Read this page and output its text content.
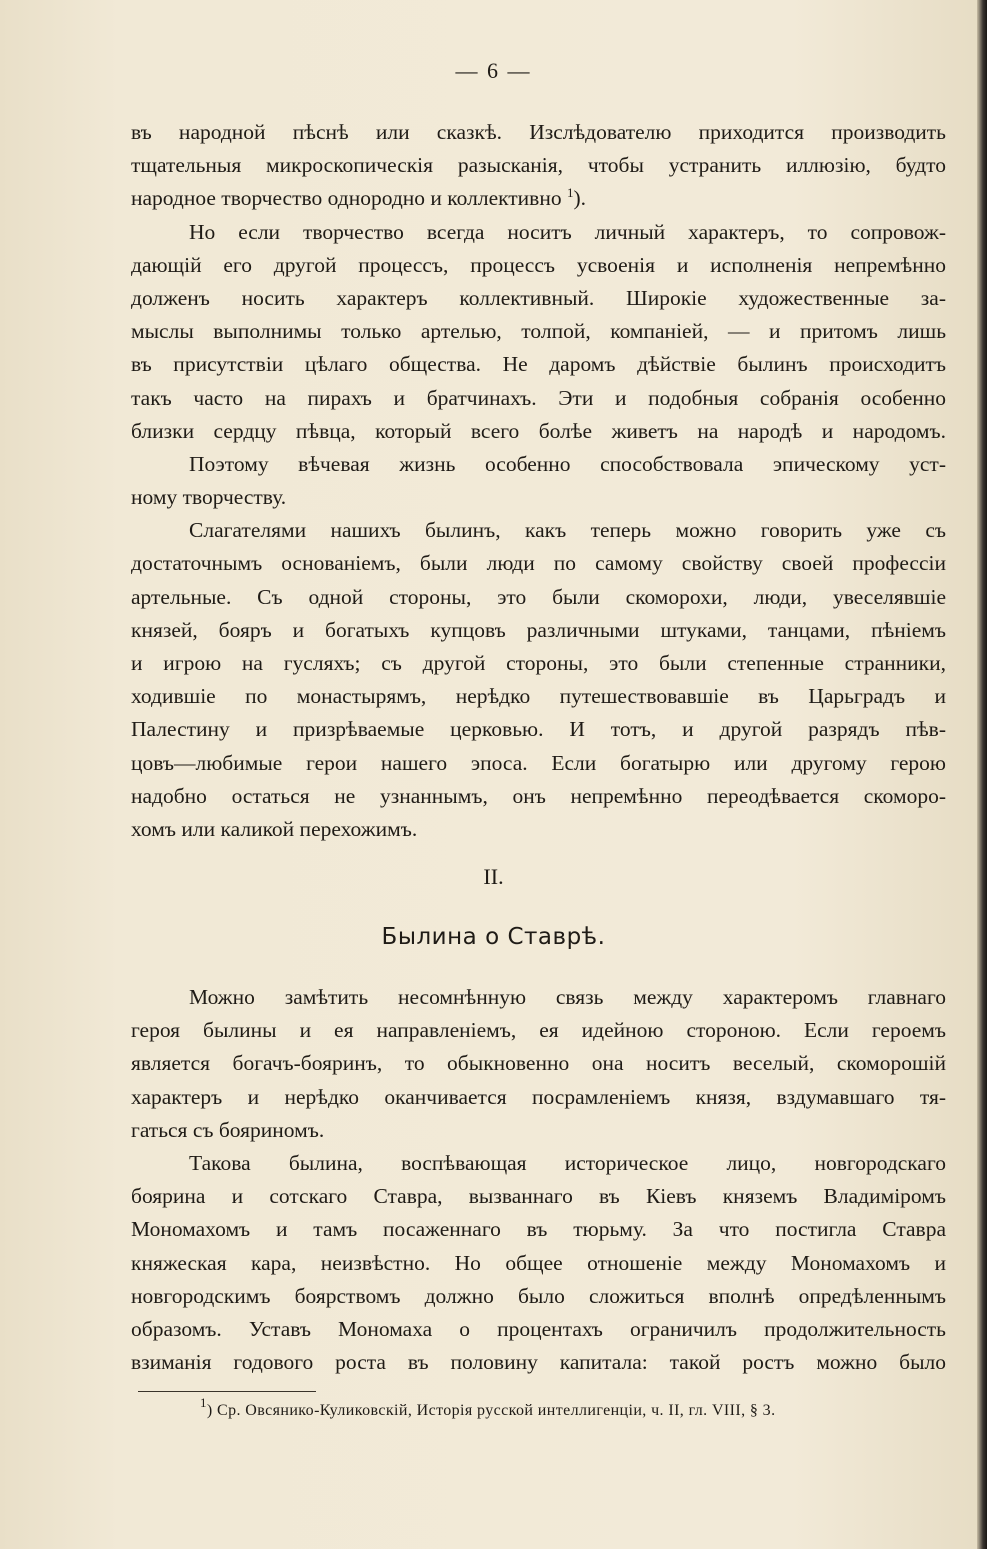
— 6 —
въ народной пѣснѣ или сказкѣ. Изслѣдователю приходится производить
тщательныя микроскопическія разысканія, чтобы устранить иллюзію, будто
народное творчество однородно и коллективно $^1$).
Но если творчество всегда носитъ личный характеръ, то сопровож-
дающій его другой процессъ, процессъ усвоенія и исполненія непремѣнно
долженъ носить характеръ коллективный. Широкіе художественные за-
мыслы выполнимы только артелью, толпой, компаніей, — и притомъ лишь
въ присутствіи цѣлаго общества. Не даромъ дѣйствіе былинъ происходитъ
такъ часто на пирахъ и братчинахъ. Эти и подобныя собранія особенно
близки сердцу пѣвца, который всего болѣе живетъ на народѣ и народомъ.
Поэтому вѣчевая жизнь особенно способствовала эпическому уст-
ному творчеству.
Слагателями нашихъ былинъ, какъ теперь можно говорить уже съ
достаточнымъ основаніемъ, были люди по самому свойству своей профессіи
артельные. Съ одной стороны, это были скоморохи, люди, увеселявшіе
князей, бояръ и богатыхъ купцовъ различными штуками, танцами, пѣніемъ
и игрою на гусляхъ; съ другой стороны, это были степенные странники,
ходившіе по монастырямъ, нерѣдко путешествовавшіе въ Царьградъ и
Палестину и призрѣваемые церковью. И тотъ, и другой разрядъ пѣв-
цовъ—любимые герои нашего эпоса. Если богатырю или другому герою
надобно остаться не узнаннымъ, онъ непремѣнно переодѣвается скоморо-
хомъ или каликой перехожимъ.
II.
Былина о Ставрѣ.
Можно замѣтить несомнѣнную связь между характеромъ главнаго
героя былины и ея направленіемъ, ея идейною стороною. Если героемъ
является богачъ-бояринъ, то обыкновенно она носитъ веселый, скоморошій
характеръ и нерѣдко оканчивается посрамленіемъ князя, вздумавшаго тя-
гаться съ бояриномъ.
Такова былина, воспѣвающая историческое лицо, новгородскаго
боярина и сотскаго Ставра, вызваннаго въ Кіевъ княземъ Владиміромъ
Мономахомъ и тамъ посаженнаго въ тюрьму. За что постигла Ставра
княжеская кара, неизвѣстно. Но общее отношеніе между Мономахомъ и
новгородскимъ боярствомъ должно было сложиться вполнѣ опредѣленнымъ
образомъ. Уставъ Мономаха о процентахъ ограничилъ продолжительность
взиманія годового роста въ половину капитала: такой ростъ можно было
$^1$) Ср. Овсянико-Куликовскій, Исторія русской интеллигенціи, ч. II, гл. VIII, § 3.
